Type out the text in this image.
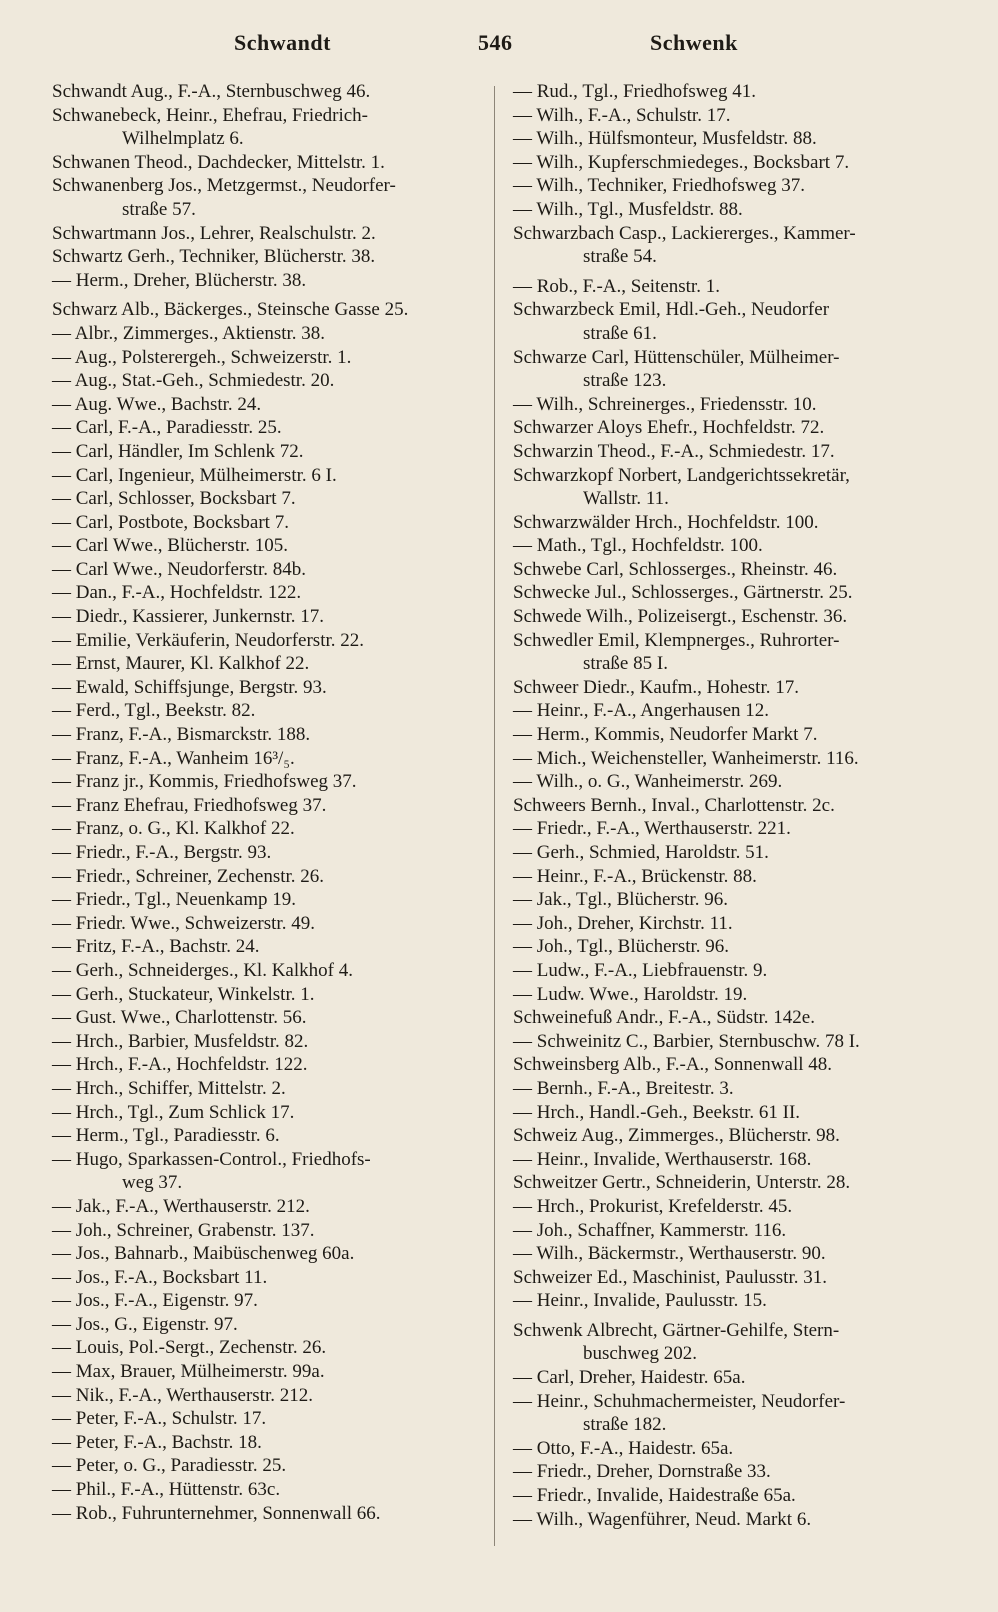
Schwandt	546	Schwenk
Schwandt Aug., F.-A., Sternbuschweg 46.
Schwanebeck, Heinr., Ehefrau, Friedrich-
Wilhelmplatz 6.
Schwanen Theod., Dachdecker, Mittelstr. 1.
Schwanenberg Jos., Metzgermst., Neudorfer-
straße 57.
Schwartmann Jos., Lehrer, Realschulstr. 2.
Schwartz Gerh., Techniker, Blücherstr. 38.
— Herm., Dreher, Blücherstr. 38.
Schwarz Alb., Bäckerges., Steinsche Gasse 25.
— Albr., Zimmerges., Aktienstr. 38.
— Aug., Polsterergeh., Schweizerstr. 1.
— Aug., Stat.-Geh., Schmiedestr. 20.
— Aug. Wwe., Bachstr. 24.
— Carl, F.-A., Paradiesstr. 25.
— Carl, Händler, Im Schlenk 72.
— Carl, Ingenieur, Mülheimerstr. 6 I.
— Carl, Schlosser, Bocksbart 7.
— Carl, Postbote, Bocksbart 7.
— Carl Wwe., Blücherstr. 105.
— Carl Wwe., Neudorferstr. 84b.
— Dan., F.-A., Hochfeldstr. 122.
— Diedr., Kassierer, Junkernstr. 17.
— Emilie, Verkäuferin, Neudorferstr. 22.
— Ernst, Maurer, Kl. Kalkhof 22.
— Ewald, Schiffsjunge, Bergstr. 93.
— Ferd., Tgl., Beekstr. 82.
— Franz, F.-A., Bismarckstr. 188.
— Franz, F.-A., Wanheim 16³/₅.
— Franz jr., Kommis, Friedhofsweg 37.
— Franz Ehefrau, Friedhofsweg 37.
— Franz, o. G., Kl. Kalkhof 22.
— Friedr., F.-A., Bergstr. 93.
— Friedr., Schreiner, Zechenstr. 26.
— Friedr., Tgl., Neuenkamp 19.
— Friedr. Wwe., Schweizerstr. 49.
— Fritz, F.-A., Bachstr. 24.
— Gerh., Schneiderges., Kl. Kalkhof 4.
— Gerh., Stuckateur, Winkelstr. 1.
— Gust. Wwe., Charlottenstr. 56.
— Hrch., Barbier, Musfeldstr. 82.
— Hrch., F.-A., Hochfeldstr. 122.
— Hrch., Schiffer, Mittelstr. 2.
— Hrch., Tgl., Zum Schlick 17.
— Herm., Tgl., Paradiesstr. 6.
— Hugo, Sparkassen-Control., Friedhofs-
weg 37.
— Jak., F.-A., Werthauserstr. 212.
— Joh., Schreiner, Grabenstr. 137.
— Jos., Bahnarb., Maibüschenweg 60a.
— Jos., F.-A., Bocksbart 11.
— Jos., F.-A., Eigenstr. 97.
— Jos., G., Eigenstr. 97.
— Louis, Pol.-Sergt., Zechenstr. 26.
— Max, Brauer, Mülheimerstr. 99a.
— Nik., F.-A., Werthauserstr. 212.
— Peter, F.-A., Schulstr. 17.
— Peter, F.-A., Bachstr. 18.
— Peter, o. G., Paradiesstr. 25.
— Phil., F.-A., Hüttenstr. 63c.
— Rob., Fuhrunternehmer, Sonnenwall 66.
— Rud., Tgl., Friedhofsweg 41.
— Wilh., F.-A., Schulstr. 17.
— Wilh., Hülfsmonteur, Musfeldstr. 88.
— Wilh., Kupferschmiedeges., Bocksbart 7.
— Wilh., Techniker, Friedhofsweg 37.
— Wilh., Tgl., Musfeldstr. 88.
Schwarzbach Casp., Lackiererges., Kammer-
straße 54.
— Rob., F.-A., Seitenstr. 1.
Schwarzbeck Emil, Hdl.-Geh., Neudorfer
straße 61.
Schwarze Carl, Hüttenschüler, Mülheimer-
straße 123.
— Wilh., Schreinerges., Friedensstr. 10.
Schwarzer Aloys Ehefr., Hochfeldstr. 72.
Schwarzin Theod., F.-A., Schmiedestr. 17.
Schwarzkopf Norbert, Landgerichtssekretär,
Wallstr. 11.
Schwarzwälder Hrch., Hochfeldstr. 100.
— Math., Tgl., Hochfeldstr. 100.
Schwebe Carl, Schlosserges., Rheinstr. 46.
Schwecke Jul., Schlosserges., Gärtnerstr. 25.
Schwede Wilh., Polizeisergt., Eschenstr. 36.
Schwedler Emil, Klempnerges., Ruhrorter-
straße 85 I.
Schweer Diedr., Kaufm., Hohestr. 17.
— Heinr., F.-A., Angerhausen 12.
— Herm., Kommis, Neudorfer Markt 7.
— Mich., Weichensteller, Wanheimerstr. 116.
— Wilh., o. G., Wanheimerstr. 269.
Schweers Bernh., Inval., Charlottenstr. 2c.
— Friedr., F.-A., Werthauserstr. 221.
— Gerh., Schmied, Haroldstr. 51.
— Heinr., F.-A., Brückenstr. 88.
— Jak., Tgl., Blücherstr. 96.
— Joh., Dreher, Kirchstr. 11.
— Joh., Tgl., Blücherstr. 96.
— Ludw., F.-A., Liebfrauenstr. 9.
— Ludw. Wwe., Haroldstr. 19.
Schweinefuß Andr., F.-A., Südstr. 142e.
— Schweinitz C., Barbier, Sternbuschw. 78 I.
Schweinsberg Alb., F.-A., Sonnenwall 48.
— Bernh., F.-A., Breitestr. 3.
— Hrch., Handl.-Geh., Beekstr. 61 II.
Schweiz Aug., Zimmerges., Blücherstr. 98.
— Heinr., Invalide, Werthauserstr. 168.
Schweitzer Gertr., Schneiderin, Unterstr. 28.
— Hrch., Prokurist, Krefelderstr. 45.
— Joh., Schaffner, Kammerstr. 116.
— Wilh., Bäckermstr., Werthauserstr. 90.
Schweizer Ed., Maschinist, Paulusstr. 31.
— Heinr., Invalide, Paulusstr. 15.
Schwenk Albrecht, Gärtner-Gehilfe, Stern-
buschweg 202.
— Carl, Dreher, Haidestr. 65a.
— Heinr., Schuhmachermeister, Neudorfer-
straße 182.
— Otto, F.-A., Haidestr. 65a.
— Friedr., Dreher, Dornstraße 33.
— Friedr., Invalide, Haidestraße 65a.
— Wilh., Wagenführer, Neud. Markt 6.
